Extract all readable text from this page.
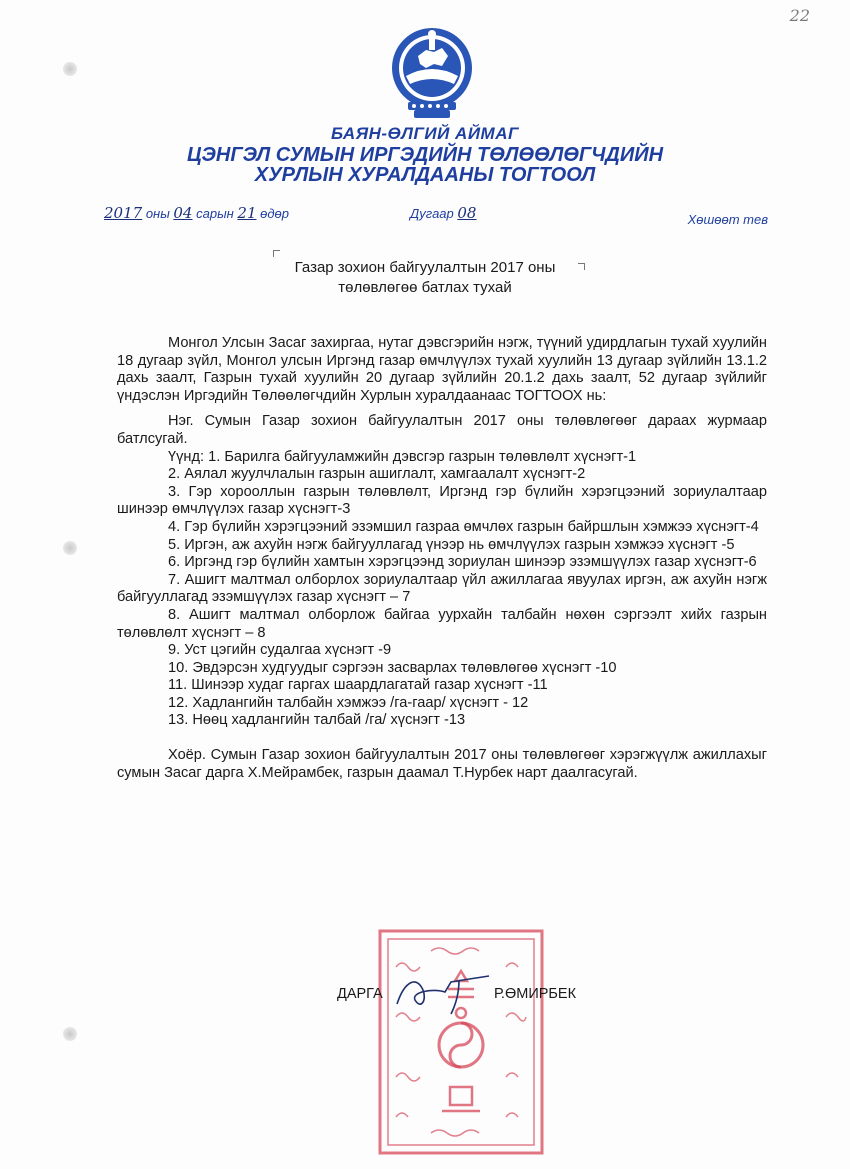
22
БАЯН-ӨЛГИЙ АЙМАГ
ЦЭНГЭЛ СУМЫН ИРГЭДИЙН ТӨЛӨӨЛӨГЧДИЙН
ХУРЛЫН ХУРАЛДААНЫ ТОГТООЛ
2017 оны 04 сарын 21 өдөр	Дугаар 08	Хөшөөт тев
Газар зохион байгуулалтын 2017 оны
төлөвлөгөө батлах тухай

Монгол Улсын Засаг захиргаа, нутаг дэвсгэрийн нэгж, түүний удирдлагын тухай хуулийн 18 дугаар зүйл, Монгол улсын Иргэнд газар өмчлүүлэх тухай хуулийн 13 дугаар зүйлийн 13.1.2 дахь заалт, Газрын тухай хуулийн 20 дугаар зүйлийн 20.1.2 дахь заалт, 52 дугаар зүйлийг үндэслэн Иргэдийн Төлөөлөгчдийн Хурлын хуралдаанаас ТОГТООХ нь:

Нэг. Сумын Газар зохион байгуулалтын 2017 оны төлөвлөгөөг дараах журмаар батлсугай.

Үүнд: 1. Барилга байгууламжийн дэвсгэр газрын төлөвлөлт хүснэгт-1

2. Аялал жуулчлалын газрын ашиглалт, хамгаалалт хүснэгт-2

3. Гэр хорооллын газрын төлөвлөлт, Иргэнд гэр бүлийн хэрэгцээний зориулалтаар шинээр өмчлүүлэх газар хүснэгт-3

4. Гэр бүлийн хэрэгцээний эзэмшил газраа өмчлөх газрын байршлын хэмжээ хүснэгт-4

5. Иргэн, аж ахуйн нэгж байгууллагад үнээр нь өмчлүүлэх газрын хэмжээ хүснэгт -5

6. Иргэнд гэр бүлийн хамтын хэрэгцээнд зориулан шинээр эзэмшүүлэх газар хүснэгт-6

7. Ашигт малтмал олборлох зориулалтаар үйл ажиллагаа явуулах иргэн, аж ахуйн нэгж байгууллагад эзэмшүүлэх газар хүснэгт – 7

8. Ашигт малтмал олборлож байгаа уурхайн талбайн нөхөн сэргээлт хийх газрын төлөвлөлт хүснэгт – 8

9. Уст цэгийн судалгаа хүснэгт -9

10. Эвдэрсэн худгуудыг сэргээн засварлах төлөвлөгөө хүснэгт -10

11. Шинээр худаг гаргах шаардлагатай газар хүснэгт -11

12. Хадлангийн талбайн хэмжээ /га-гаар/ хүснэгт - 12

13. Нөөц хадлангийн талбай /га/ хүснэгт -13

Хоёр. Сумын Газар зохион байгуулалтын 2017 оны төлөвлөгөөг хэрэгжүүлж ажиллахыг сумын Засаг дарга Х.Мейрамбек, газрын даамал Т.Нурбек нарт даалгасугай.

ДАРГА	Р.ӨМИРБЕК
